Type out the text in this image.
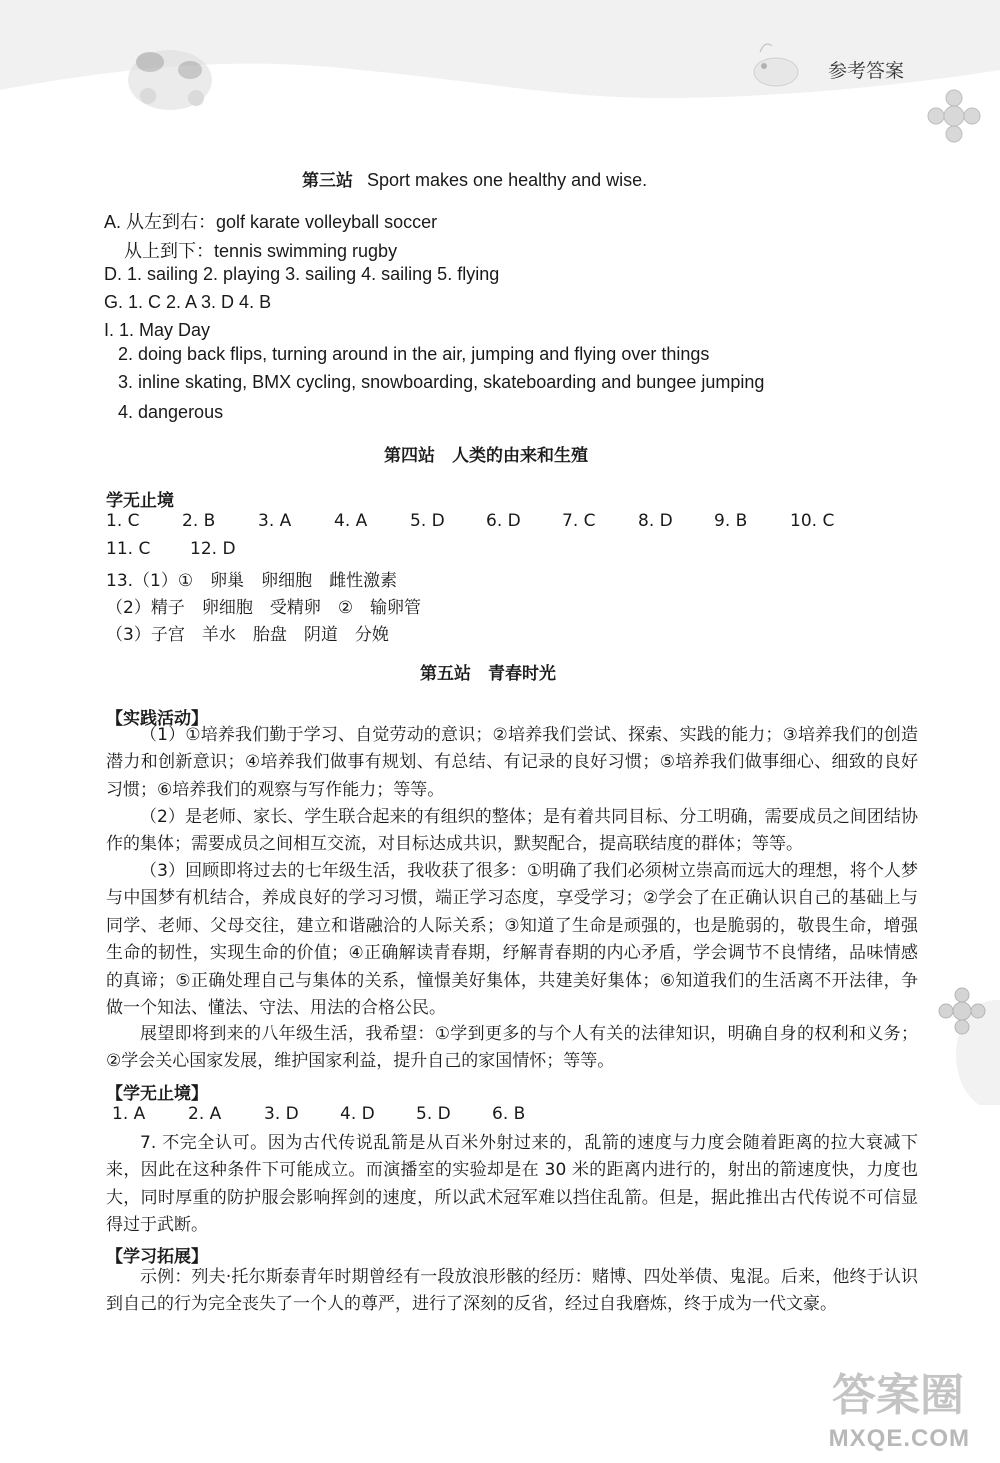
参考答案
第三站 Sport makes one healthy and wise.
A. 从左到右：golf karate volleyball soccer
从上到下：tennis swimming rugby
D. 1. sailing 2. playing 3. sailing 4. sailing 5. flying
G. 1. C 2. A 3. D 4. B
I. 1. May Day
2. doing back flips, turning around in the air, jumping and flying over things
3. inline skating, BMX cycling, snowboarding, skateboarding and bungee jumping
4. dangerous
第四站　人类的由来和生殖
学无止境
1. C	2. B	3. A	4. A	5. D 6. D 7. C	8. D 9. B	10. C
11. C 12. D
13.（1）①　卵巢　卵细胞　雌性激素
（2）精子　卵细胞　受精卵　②　输卵管
（3）子宫　羊水　胎盘　阴道　分娩
第五站　青春时光
【实践活动】
（1）①培养我们勤于学习、自觉劳动的意识；②培养我们尝试、探索、实践的能力；③培养我们的创造潜力和创新意识；④培养我们做事有规划、有总结、有记录的良好习惯；⑤培养我们做事细心、细致的良好习惯；⑥培养我们的观察与写作能力；等等。
（2）是老师、家长、学生联合起来的有组织的整体；是有着共同目标、分工明确，需要成员之间团结协作的集体；需要成员之间相互交流，对目标达成共识，默契配合，提高联结度的群体；等等。
（3）回顾即将过去的七年级生活，我收获了很多：①明确了我们必须树立崇高而远大的理想，将个人梦与中国梦有机结合，养成良好的学习习惯，端正学习态度，享受学习；②学会了在正确认识自己的基础上与同学、老师、父母交往，建立和谐融洽的人际关系；③知道了生命是顽强的，也是脆弱的，敬畏生命，增强生命的韧性，实现生命的价值；④正确解读青春期，纾解青春期的内心矛盾，学会调节不良情绪，品味情感的真谛；⑤正确处理自己与集体的关系，憧憬美好集体，共建美好集体；⑥知道我们的生活离不开法律，争做一个知法、懂法、守法、用法的合格公民。
展望即将到来的八年级生活，我希望：①学到更多的与个人有关的法律知识，明确自身的权利和义务；②学会关心国家发展，维护国家利益，提升自己的家国情怀；等等。
【学无止境】
1. A	2. A	3. D 4. D 5. D 6. B
7. 不完全认可。因为古代传说乱箭是从百米外射过来的，乱箭的速度与力度会随着距离的拉大衰减下来，因此在这种条件下可能成立。而演播室的实验却是在 30 米的距离内进行的，射出的箭速度快，力度也大，同时厚重的防护服会影响挥剑的速度，所以武术冠军难以挡住乱箭。但是，据此推出古代传说不可信显得过于武断。
【学习拓展】
示例：列夫·托尔斯泰青年时期曾经有一段放浪形骸的经历：赌博、四处举债、鬼混。后来，他终于认识到自己的行为完全丧失了一个人的尊严，进行了深刻的反省，经过自我磨炼，终于成为一代文豪。
答案圈
MXQE.COM
